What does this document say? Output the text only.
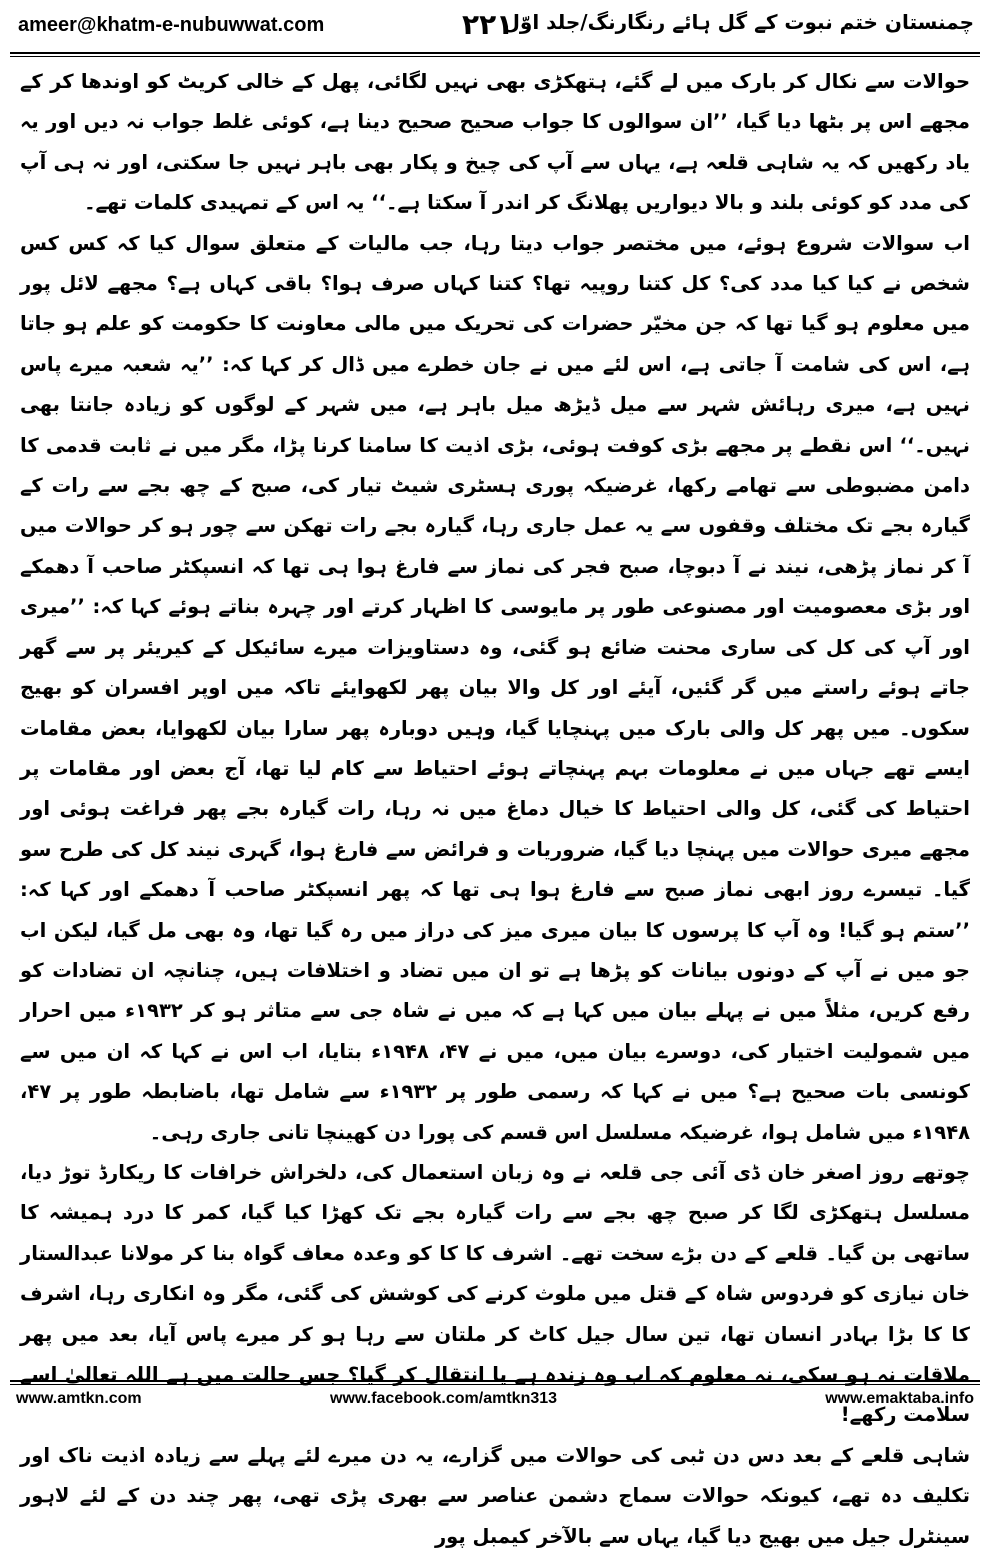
ameer@khatm-e-nubuwwat.com	۲۲۱
چمنستان ختم نبوت کے گل ہائے رنگارنگ/جلد اوّل

حوالات سے نکال کر بارک میں لے گئے، ہتھکڑی بھی نہیں لگائی، پھل کے خالی کریٹ کو اوندھا کر کے مجھے اس پر بٹھا دیا گیا، ’’ان سوالوں کا جواب صحیح صحیح دینا ہے، کوئی غلط جواب نہ دیں اور یہ یاد رکھیں کہ یہ شاہی قلعہ ہے، یہاں سے آپ کی چیخ و پکار بھی باہر نہیں جا سکتی، اور نہ ہی آپ کی مدد کو کوئی بلند و بالا دیواریں پھلانگ کر اندر آ سکتا ہے۔‘‘ یہ اس کے تمہیدی کلمات تھے۔

اب سوالات شروع ہوئے، میں مختصر جواب دیتا رہا، جب مالیات کے متعلق سوال کیا کہ کس کس شخص نے کیا کیا مدد کی؟ کل کتنا روپیہ تھا؟ کتنا کہاں صرف ہوا؟ باقی کہاں ہے؟ مجھے لائل پور میں معلوم ہو گیا تھا کہ جن مخیّر حضرات کی تحریک میں مالی معاونت کا حکومت کو علم ہو جاتا ہے، اس کی شامت آ جاتی ہے، اس لئے میں نے جان خطرے میں ڈال کر کہا کہ: ’’یہ شعبہ میرے پاس نہیں ہے، میری رہائش شہر سے میل ڈیڑھ میل باہر ہے، میں شہر کے لوگوں کو زیادہ جانتا بھی نہیں۔‘‘ اس نقطے پر مجھے بڑی کوفت ہوئی، بڑی اذیت کا سامنا کرنا پڑا، مگر میں نے ثابت قدمی کا دامن مضبوطی سے تھامے رکھا، غرضیکہ پوری ہسٹری شیٹ تیار کی، صبح کے چھ بجے سے رات کے گیارہ بجے تک مختلف وقفوں سے یہ عمل جاری رہا، گیارہ بجے رات تھکن سے چور ہو کر حوالات میں آ کر نماز پڑھی، نیند نے آ دبوچا، صبح فجر کی نماز سے فارغ ہوا ہی تھا کہ انسپکٹر صاحب آ دھمکے اور بڑی معصومیت اور مصنوعی طور پر مایوسی کا اظہار کرتے اور چہرہ بناتے ہوئے کہا کہ: ’’میری اور آپ کی کل کی ساری محنت ضائع ہو گئی، وہ دستاویزات میرے سائیکل کے کیریئر پر سے گھر جاتے ہوئے راستے میں گر گئیں، آیئے اور کل والا بیان پھر لکھوایئے تاکہ میں اوپر افسران کو بھیج سکوں۔ میں پھر کل والی بارک میں پہنچایا گیا، وہیں دوبارہ پھر سارا بیان لکھوایا، بعض مقامات ایسے تھے جہاں میں نے معلومات بہم پہنچاتے ہوئے احتیاط سے کام لیا تھا، آج بعض اور مقامات پر احتیاط کی گئی، کل والی احتیاط کا خیال دماغ میں نہ رہا، رات گیارہ بجے پھر فراغت ہوئی اور مجھے میری حوالات میں پہنچا دیا گیا، ضروریات و فرائض سے فارغ ہوا، گہری نیند کل کی طرح سو گیا۔ تیسرے روز ابھی نماز صبح سے فارغ ہوا ہی تھا کہ پھر انسپکٹر صاحب آ دھمکے اور کہا کہ: ’’ستم ہو گیا! وہ آپ کا پرسوں کا بیان میری میز کی دراز میں رہ گیا تھا، وہ بھی مل گیا، لیکن اب جو میں نے آپ کے دونوں بیانات کو پڑھا ہے تو ان میں تضاد و اختلافات ہیں، چنانچہ ان تضادات کو رفع کریں، مثلاً میں نے پہلے بیان میں کہا ہے کہ میں نے شاہ جی سے متاثر ہو کر ۱۹۳۲ء میں احرار میں شمولیت اختیار کی، دوسرے بیان میں، میں نے ۴۷، ۱۹۴۸ء بتایا، اب اس نے کہا کہ ان میں سے کونسی بات صحیح ہے؟ میں نے کہا کہ رسمی طور پر ۱۹۳۲ء سے شامل تھا، باضابطہ طور پر ۴۷، ۱۹۴۸ء میں شامل ہوا، غرضیکہ مسلسل اس قسم کی پورا دن کھینچا تانی جاری رہی۔

چوتھے روز اصغر خان ڈی آئی جی قلعہ نے وہ زبان استعمال کی، دلخراش خرافات کا ریکارڈ توڑ دیا، مسلسل ہتھکڑی لگا کر صبح چھ بجے سے رات گیارہ بجے تک کھڑا کیا گیا، کمر کا درد ہمیشہ کا ساتھی بن گیا۔ قلعے کے دن بڑے سخت تھے۔ اشرف کا کا کو وعدہ معاف گواہ بنا کر مولانا عبدالستار خان نیازی کو فردوس شاہ کے قتل میں ملوث کرنے کی کوشش کی گئی، مگر وہ انکاری رہا، اشرف کا کا بڑا بہادر انسان تھا، تین سال جیل کاٹ کر ملتان سے رہا ہو کر میرے پاس آیا، بعد میں پھر ملاقات نہ ہو سکی، نہ معلوم کہ اب وہ زندہ ہے یا انتقال کر گیا؟ جس حالت میں ہے اللہ تعالیٰ اسے سلامت رکھے!

شاہی قلعے کے بعد دس دن ٹبی کی حوالات میں گزارے، یہ دن میرے لئے پہلے سے زیادہ اذیت ناک اور تکلیف دہ تھے، کیونکہ حوالات سماج دشمن عناصر سے بھری پڑی تھی، پھر چند دن کے لئے لاہور سینٹرل جیل میں بھیج دیا گیا، یہاں سے بالآخر کیمبل پور

www.amtkn.com	www.facebook.com/amtkn313	www.emaktaba.info
